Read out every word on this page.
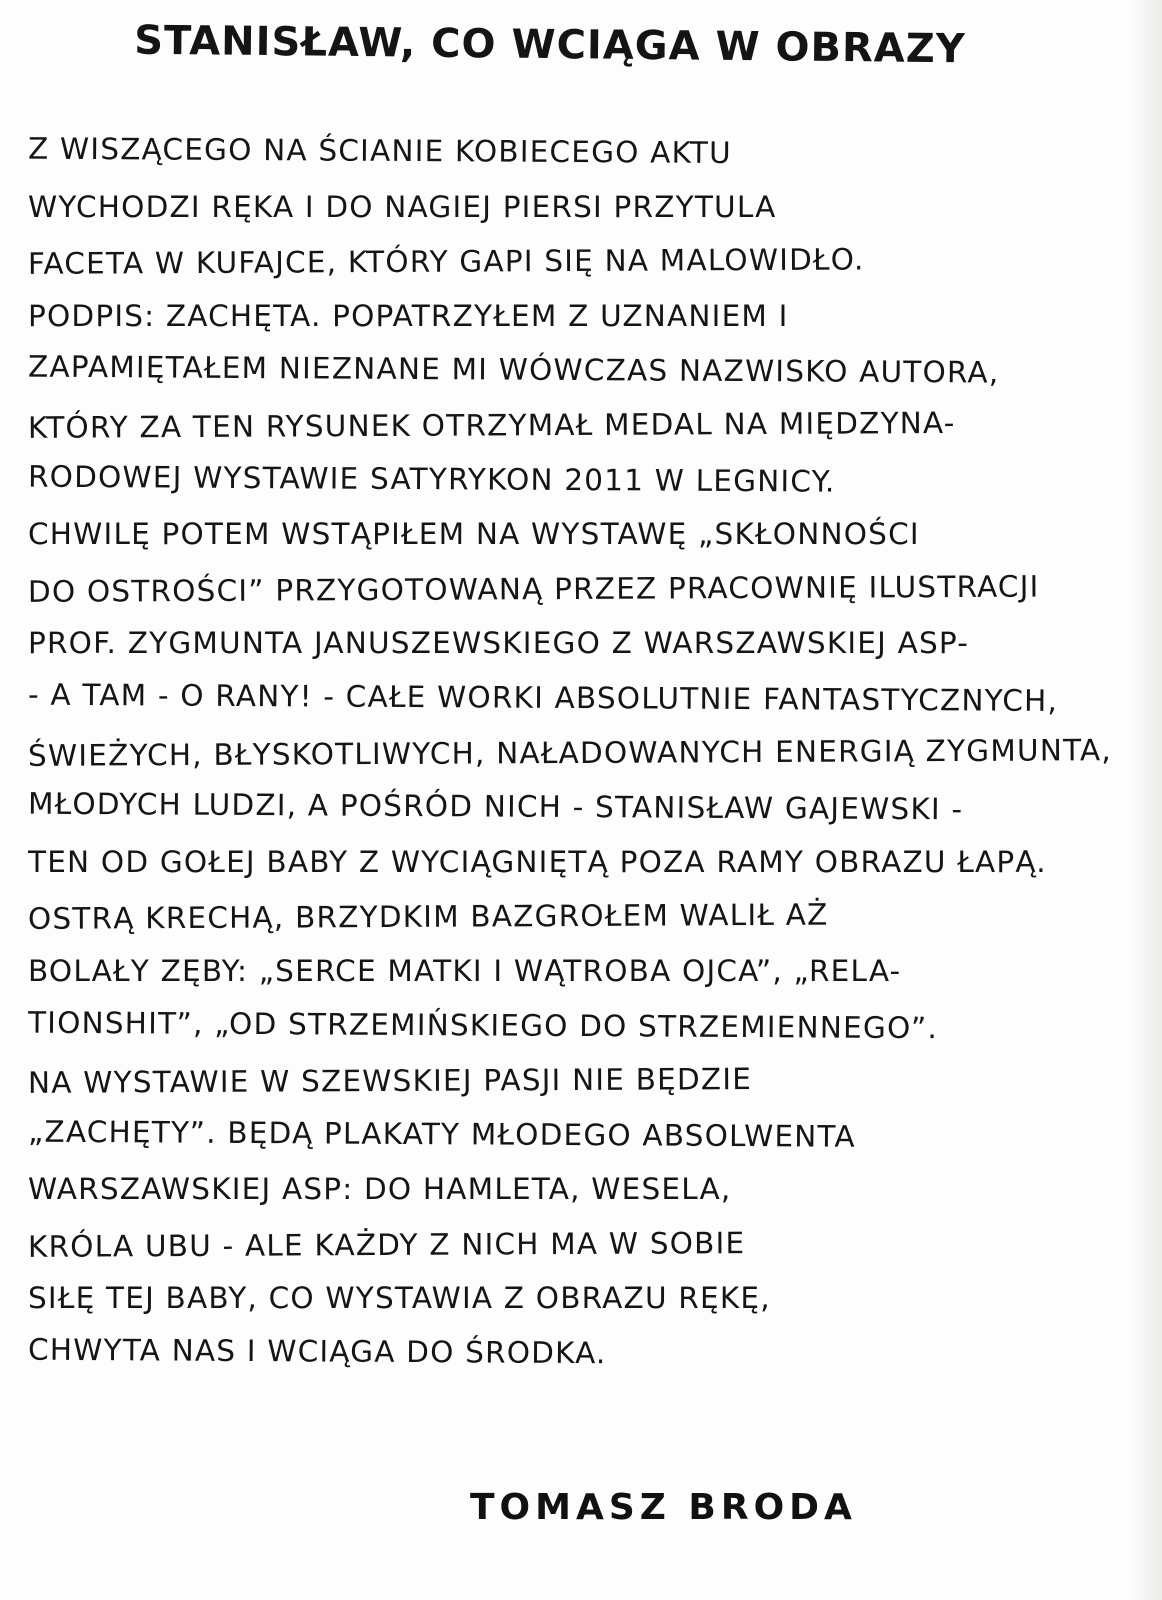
STANISŁAW, CO WCIĄGA W OBRAZY
Z WISZĄCEGO NA ŚCIANIE KOBIECEGO AKTU
WYCHODZI RĘKA I DO NAGIEJ PIERSI PRZYTULA
FACETA W KUFAJCE, KTÓRY GAPI SIĘ NA MALOWIDŁO.
PODPIS: ZACHĘTA. POPATRZYŁEM Z UZNANIEM I
ZAPAMIĘTAŁEM NIEZNANE MI WÓWCZAS NAZWISKO AUTORA,
KTÓRY ZA TEN RYSUNEK OTRZYMAŁ MEDAL NA MIĘDZYNA-
RODOWEJ WYSTAWIE SATYRYKON 2011 W LEGNICY.
CHWILĘ POTEM WSTĄPIŁEM NA WYSTAWĘ „SKŁONNOŚCI
DO OSTROŚCI” PRZYGOTOWANĄ PRZEZ PRACOWNIĘ ILUSTRACJI
PROF. ZYGMUNTA JANUSZEWSKIEGO Z WARSZAWSKIEJ ASP-
- A TAM - O RANY! - CAŁE WORKI ABSOLUTNIE FANTASTYCZNYCH,
ŚWIEŻYCH, BŁYSKOTLIWYCH, NAŁADOWANYCH ENERGIĄ ZYGMUNTA,
MŁODYCH LUDZI, A POŚRÓD NICH - STANISŁAW GAJEWSKI -
TEN OD GOŁEJ BABY Z WYCIĄGNIĘTĄ POZA RAMY OBRAZU ŁAPĄ.
OSTRĄ KRECHĄ, BRZYDKIM BAZGROŁEM WALIŁ AŻ
BOLAŁY ZĘBY: „SERCE MATKI I WĄTROBA OJCA”, „RELA-
TIONSHIT”, „OD STRZEMIŃSKIEGO DO STRZEMIENNEGO”.
NA WYSTAWIE W SZEWSKIEJ PASJI NIE BĘDZIE
„ZACHĘTY”. BĘDĄ PLAKATY MŁODEGO ABSOLWENTA
WARSZAWSKIEJ ASP: DO HAMLETA, WESELA,
KRÓLA UBU - ALE KAŻDY Z NICH MA W SOBIE
SIŁĘ TEJ BABY, CO WYSTAWIA Z OBRAZU RĘKĘ,
CHWYTA NAS I WCIĄGA DO ŚRODKA.
TOMASZ BRODA
